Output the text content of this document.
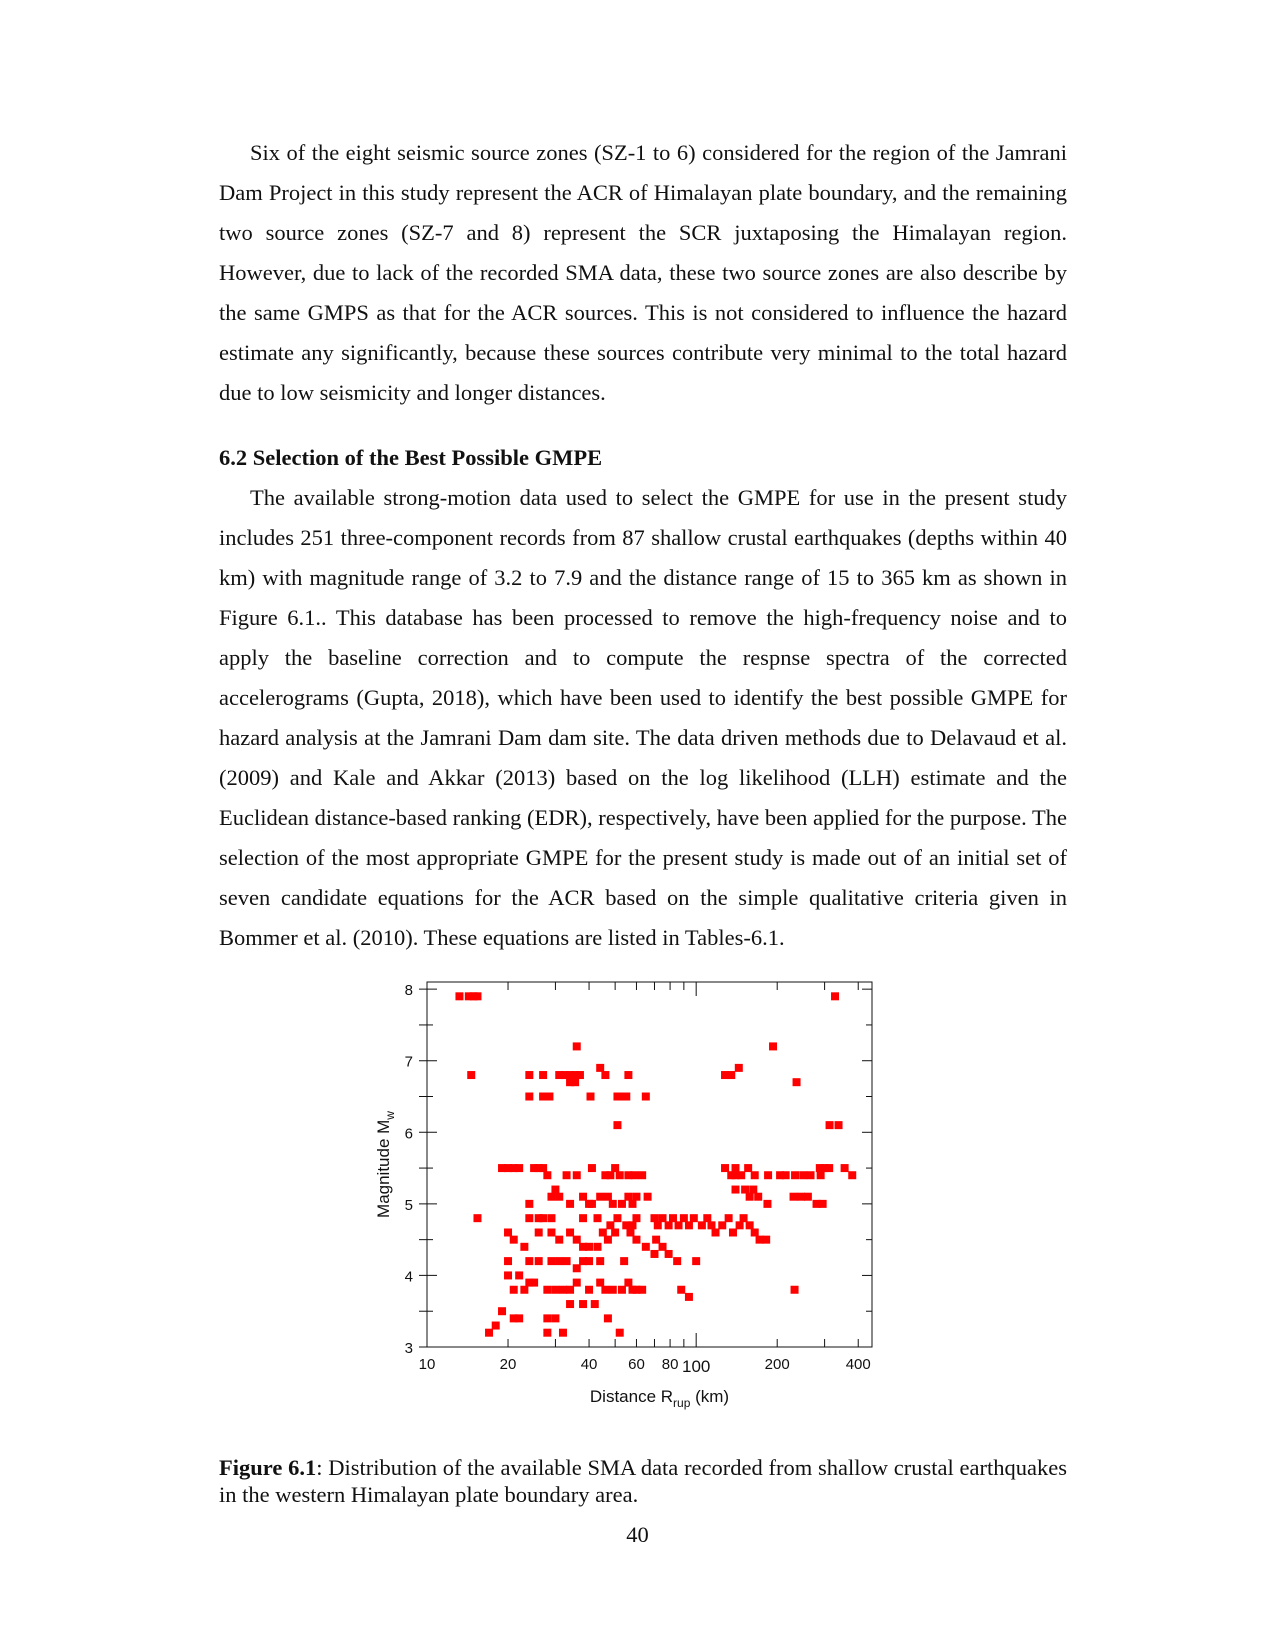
Six of the eight seismic source zones (SZ-1 to 6) considered for the region of the Jamrani Dam Project in this study represent the ACR of Himalayan plate boundary, and the remaining two source zones (SZ-7 and 8) represent the SCR juxtaposing the Himalayan region. However, due to lack of the recorded SMA data, these two source zones are also describe by the same GMPS as that for the ACR sources. This is not considered to influence the hazard estimate any significantly, because these sources contribute very minimal to the total hazard due to low seismicity and longer distances.

6.2 Selection of the Best Possible GMPE

The available strong-motion data used to select the GMPE for use in the present study includes 251 three-component records from 87 shallow crustal earthquakes (depths within 40 km) with magnitude range of 3.2 to 7.9 and the distance range of 15 to 365 km as shown in Figure 6.1.. This database has been processed to remove the high-frequency noise and to apply the baseline correction and to compute the respnse spectra of the corrected accelerograms (Gupta, 2018), which have been used to identify the best possible GMPE for hazard analysis at the Jamrani Dam dam site. The data driven methods due to Delavaud et al. (2009) and Kale and Akkar (2013) based on the log likelihood (LLH) estimate and the Euclidean distance-based ranking (EDR), respectively, have been applied for the purpose. The selection of the most appropriate GMPE for the present study is made out of an initial set of seven candidate equations for the ACR based on the simple qualitative criteria given in Bommer et al. (2010). These equations are listed in Tables-6.1.

10	20	40 60 80 100	200	400
3
4
5
6
7
8
Distance $R_{rup}$ (km)
Magnitude $M_w$

Figure 6.1: Distribution of the available SMA data recorded from shallow crustal earthquakes in the western Himalayan plate boundary area.

40
